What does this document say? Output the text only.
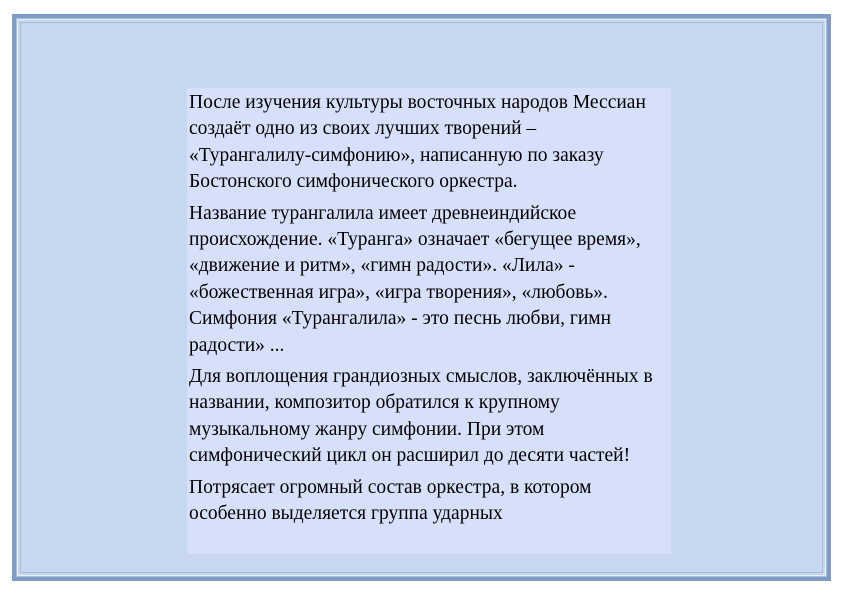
После изучения культуры восточных народов Мессиан создаёт одно из своих лучших творений – «Турангалилу-симфонию», написанную по заказу Бостонского симфонического оркестра.

Название турангалила имеет древнеиндийское происхождение. «Туранга» означает «бегущее время», «движение и ритм», «гимн радости». «Лила» - «божественная игра», «игра творения», «любовь». Симфония «Турангалила» - это песнь любви, гимн радости» ...

Для воплощения грандиозных смыслов, заключённых в названии, композитор обратился к крупному музыкальному жанру симфонии. При этом симфонический цикл он расширил до десяти частей!

Потрясает огромный состав оркестра, в котором особенно выделяется группа ударных
